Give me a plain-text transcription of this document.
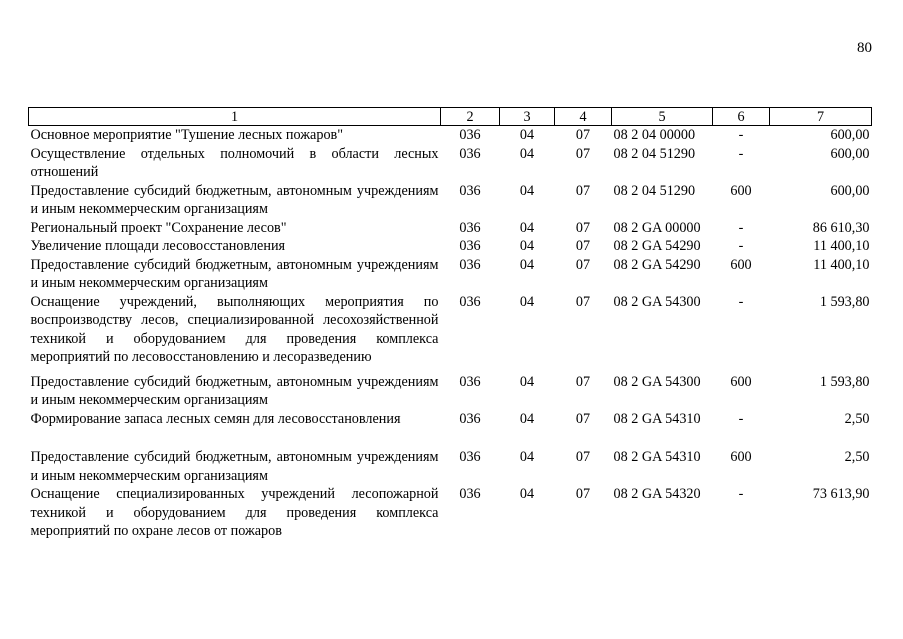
80
1	2	3	4	5	6	7
Основное мероприятие "Тушение лесных пожаров"	036	04	07	08 2 04 00000	-	600,00
Осуществление отдельных полномочий в области лесных отношений	036	04	07	08 2 04 51290	-	600,00
Предоставление субсидий бюджетным, автономным учреждениям и иным некоммерческим организациям	036	04	07	08 2 04 51290	600	600,00
Региональный проект "Сохранение лесов"	036	04	07	08 2 GA 00000	-	86 610,30
Увеличение площади лесовосстановления	036	04	07	08 2 GA 54290	-	11 400,10
Предоставление субсидий бюджетным, автономным учреждениям и иным некоммерческим организациям	036	04	07	08 2 GA 54290	600	11 400,10
Оснащение учреждений, выполняющих мероприятия по воспроизводству лесов, специализированной лесохозяйственной техникой и оборудованием для проведения комплекса мероприятий по лесовосстановлению и лесоразведению	036	04	07	08 2 GA 54300	-	1 593,80
Предоставление субсидий бюджетным, автономным учреждениям и иным некоммерческим организациям	036	04	07	08 2 GA 54300	600	1 593,80
Формирование запаса лесных семян для лесовосстановления	036	04	07	08 2 GA 54310	-	2,50
Предоставление субсидий бюджетным, автономным учреждениям и иным некоммерческим организациям	036	04	07	08 2 GA 54310	600	2,50
Оснащение специализированных учреждений лесопожарной техникой и оборудованием для проведения комплекса мероприятий по охране лесов от пожаров	036	04	07	08 2 GA 54320	-	73 613,90
